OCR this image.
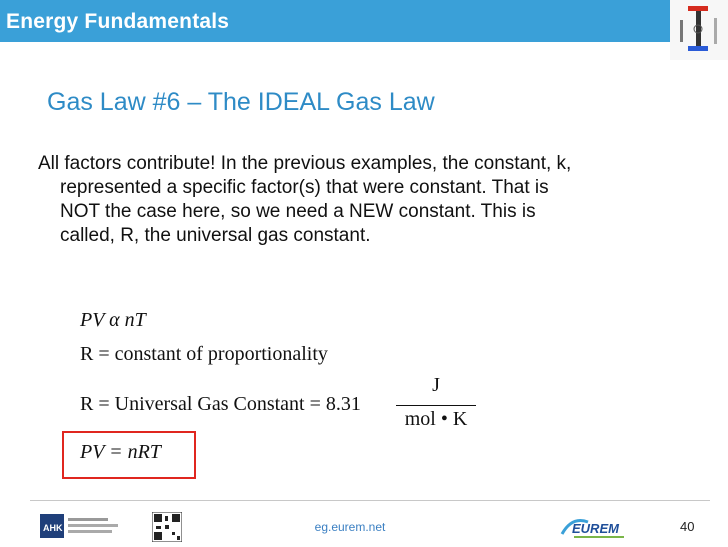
Energy Fundamentals
Gas Law #6 – The IDEAL Gas Law
All factors contribute! In the previous examples, the constant, k,
represented a specific factor(s) that were constant. That is
NOT the case here, so we need a NEW constant. This is
called, R, the universal gas constant.
PV α nT
R = constant of proportionality
R = Universal Gas Constant = 8.31
J
mol • K
PV = nRT
AHK	eg.eurem.net	EUREM	40
